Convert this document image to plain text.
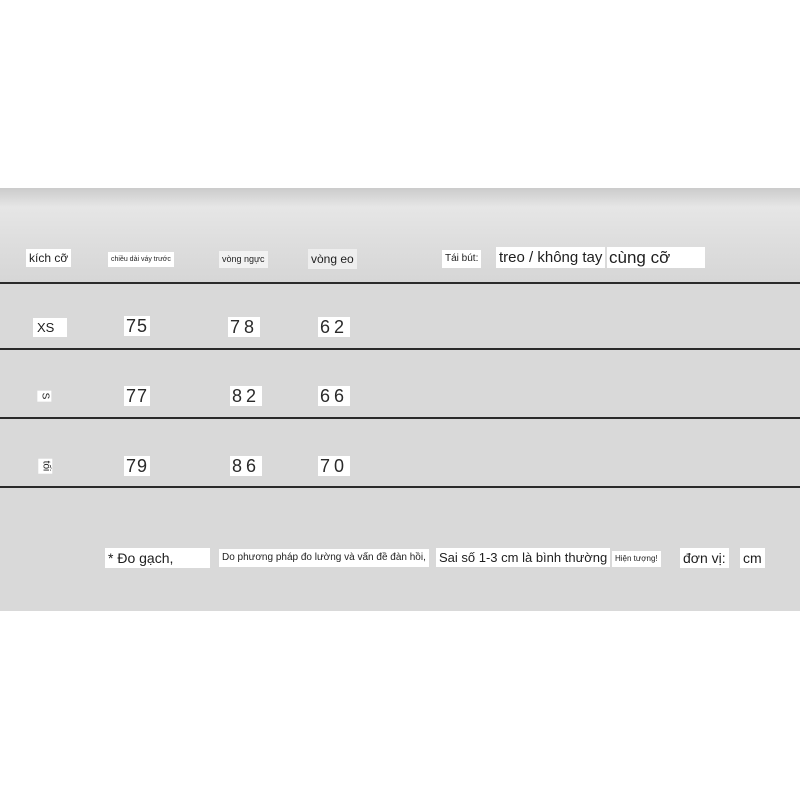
kích cỡ	chiều dài váy trước	vòng ngực	vòng eo	Tái bút: treo / không tay cùng cỡ
XS	75	78	62
S	77	82	66
tối	79	86	70
* Đo gạch,	Do phương pháp đo lường và vấn đề đàn hồi, Sai số 1-3 cm là bình thường Hiện tượng! đơn vị: cm
